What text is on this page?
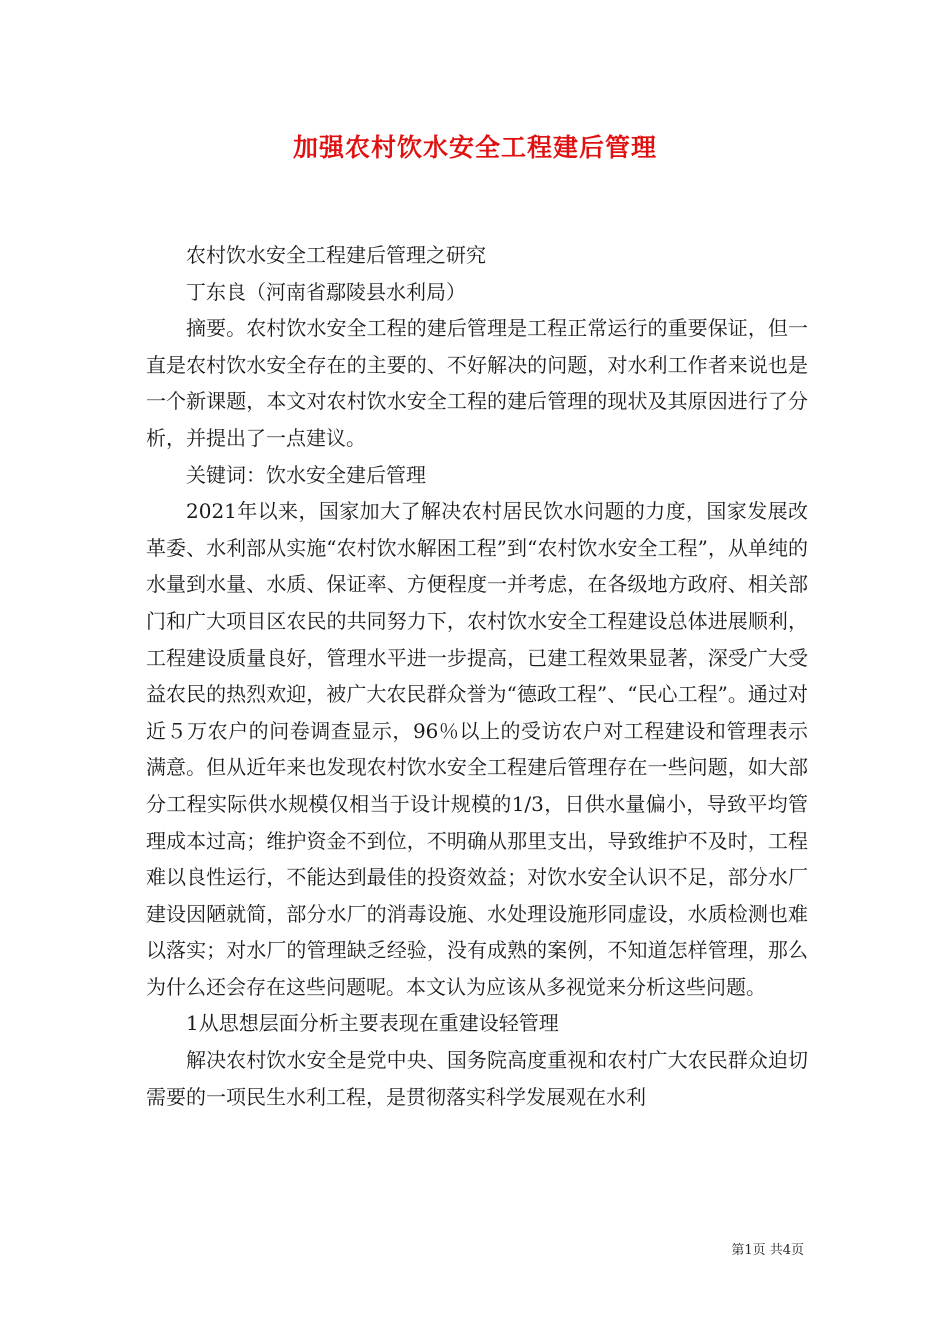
加强农村饮水安全工程建后管理

农村饮水安全工程建后管理之研究

丁东良（河南省鄢陵县水利局）

摘要。农村饮水安全工程的建后管理是工程正常运行的重要保证，但一直是农村饮水安全存在的主要的、不好解决的问题，对水利工作者来说也是一个新课题，本文对农村饮水安全工程的建后管理的现状及其原因进行了分析，并提出了一点建议。

关键词：饮水安全建后管理

2021年以来，国家加大了解决农村居民饮水问题的力度，国家发展改革委、水利部从实施“农村饮水解困工程”到“农村饮水安全工程”，从单纯的水量到水量、水质、保证率、方便程度一并考虑，在各级地方政府、相关部门和广大项目区农民的共同努力下，农村饮水安全工程建设总体进展顺利，工程建设质量良好，管理水平进一步提高，已建工程效果显著，深受广大受益农民的热烈欢迎，被广大农民群众誉为“德政工程”、“民心工程”。通过对近５万农户的问卷调查显示，96％以上的受访农户对工程建设和管理表示满意。但从近年来也发现农村饮水安全工程建后管理存在一些问题，如大部分工程实际供水规模仅相当于设计规模的1/3，日供水量偏小，导致平均管理成本过高；维护资金不到位，不明确从那里支出，导致维护不及时，工程难以良性运行，不能达到最佳的投资效益；对饮水安全认识不足，部分水厂建设因陋就简，部分水厂的消毒设施、水处理设施形同虚设，水质检测也难以落实；对水厂的管理缺乏经验，没有成熟的案例，不知道怎样管理，那么为什么还会存在这些问题呢。本文认为应该从多视觉来分析这些问题。

1从思想层面分析主要表现在重建设轻管理

解决农村饮水安全是党中央、国务院高度重视和农村广大农民群众迫切需要的一项民生水利工程，是贯彻落实科学发展观在水利

第1页 共4页
